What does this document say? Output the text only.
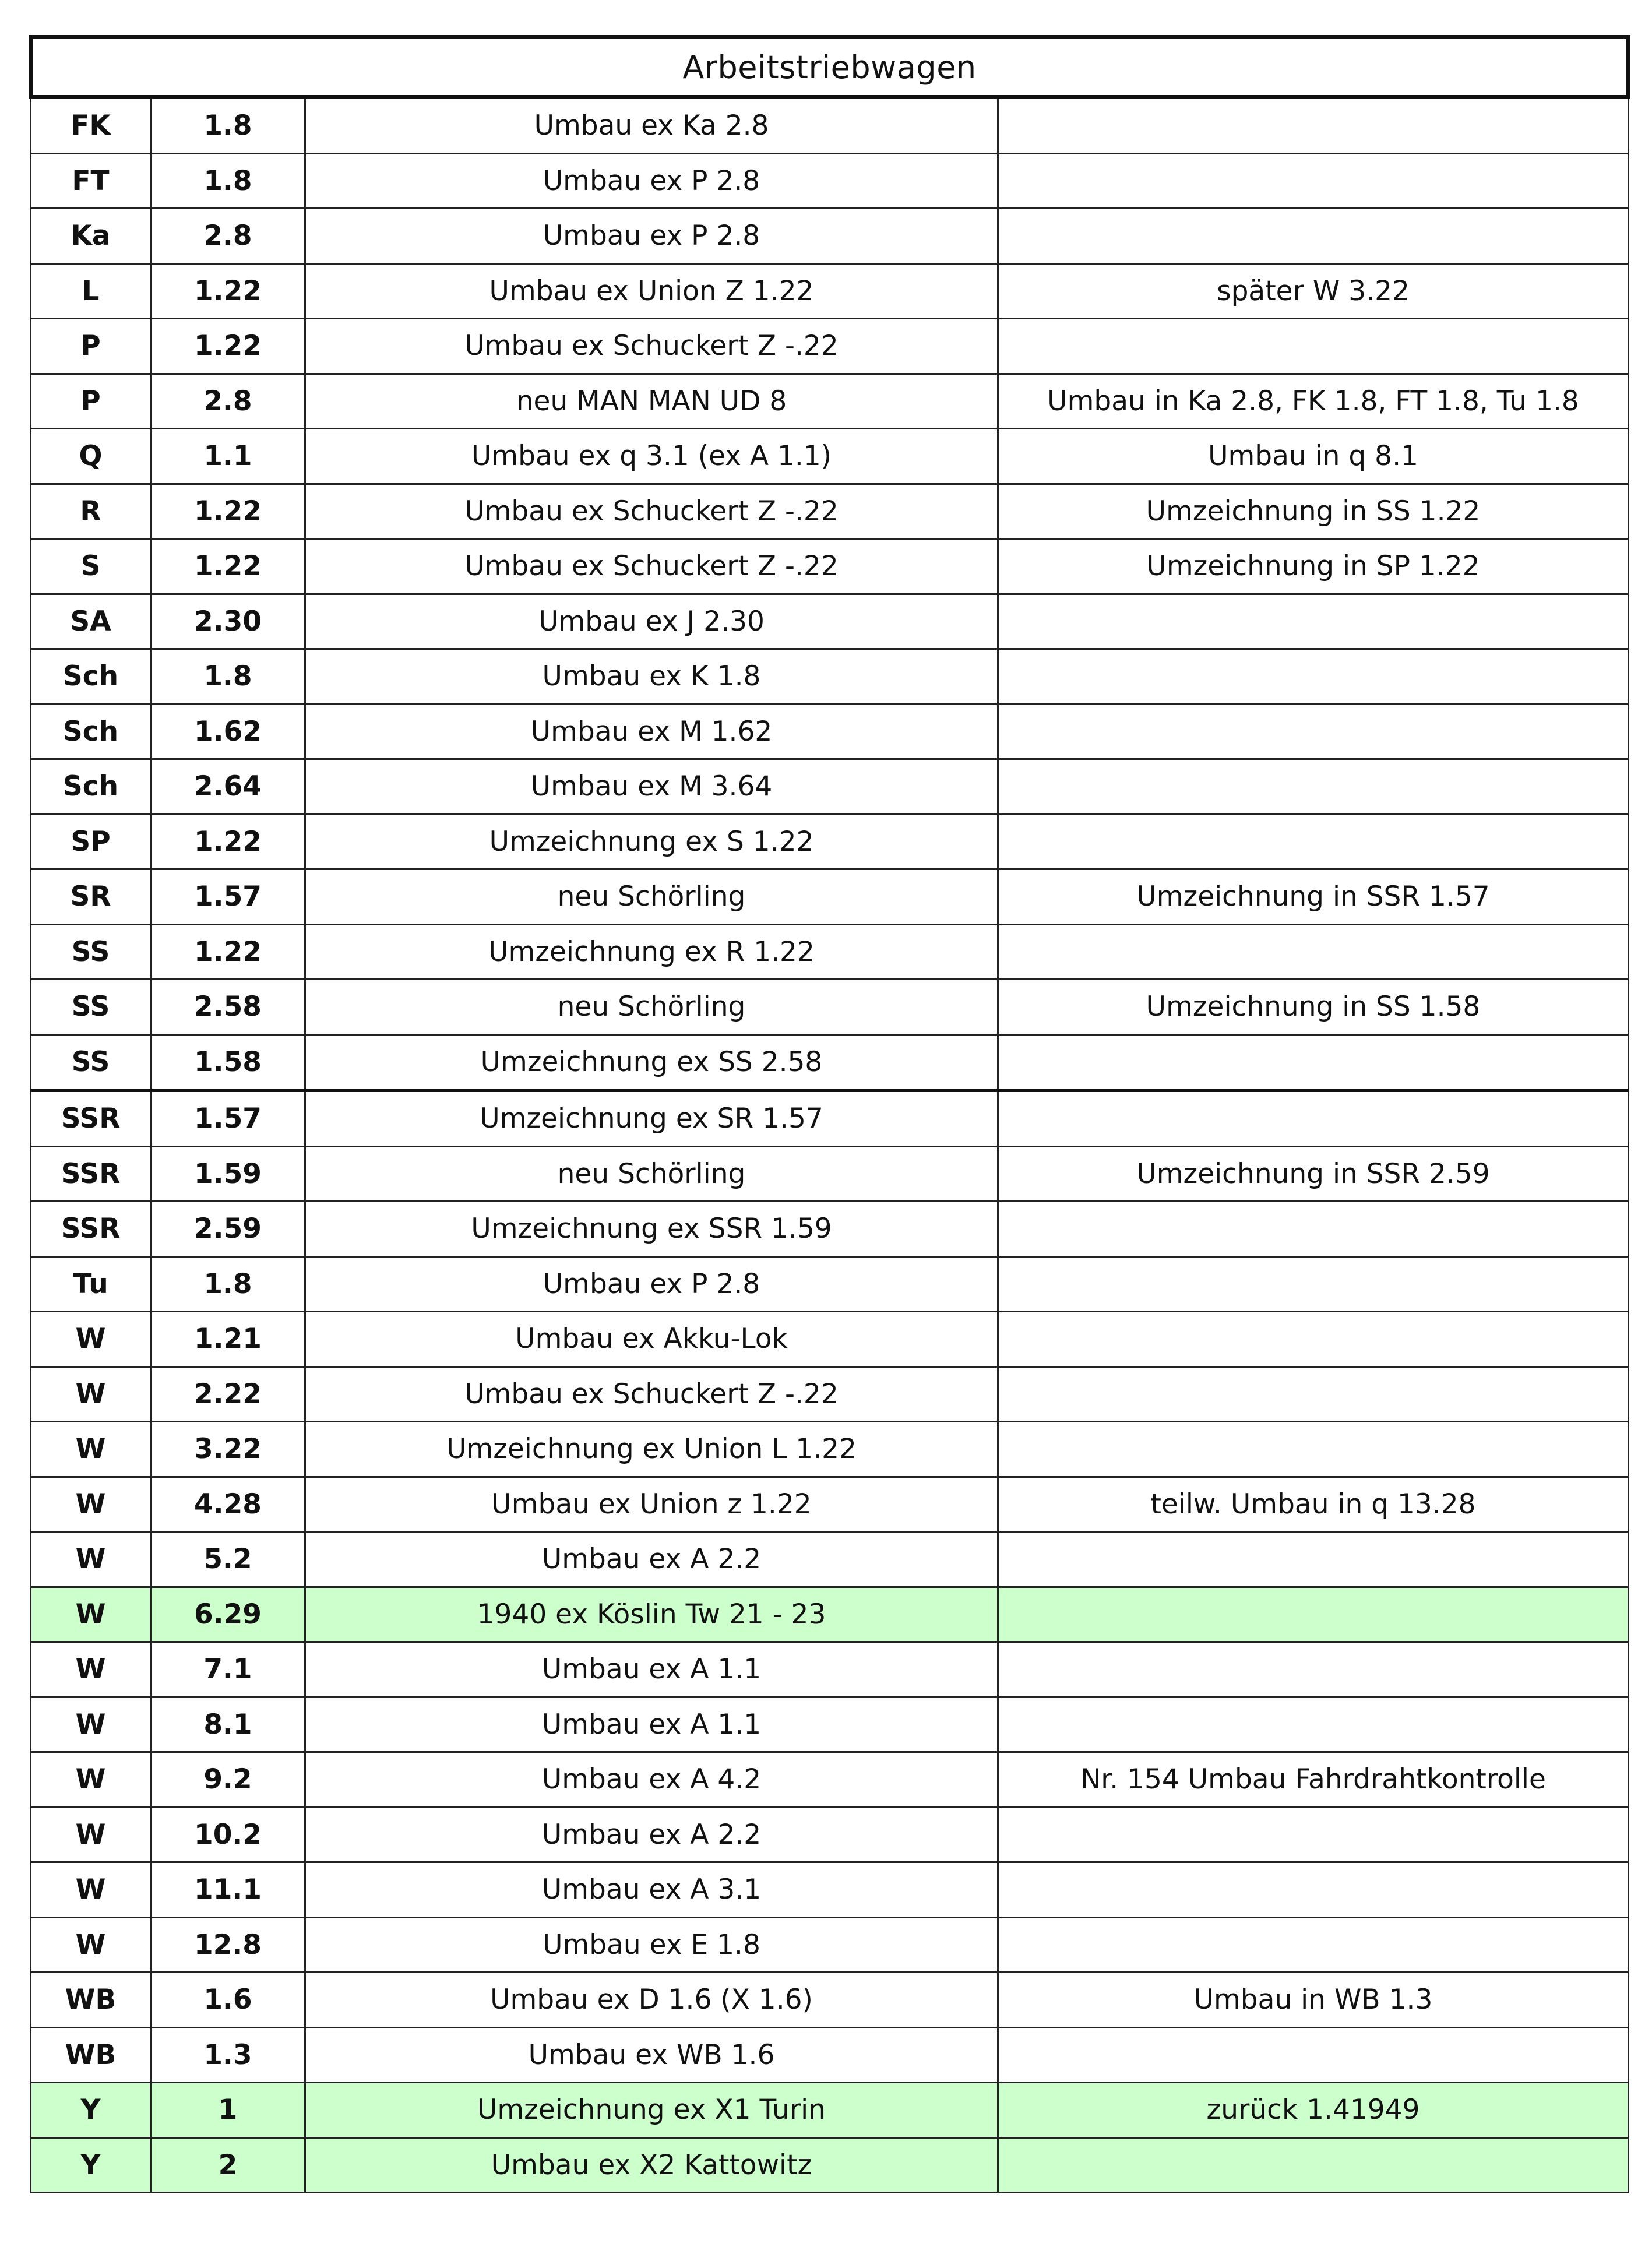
Arbeitstriebwagen			
FK	1.8	Umbau ex Ka 2.8	
FT	1.8	Umbau ex P 2.8	
Ka	2.8	Umbau ex P 2.8	
L	1.22	Umbau ex Union Z 1.22	später W 3.22
P	1.22	Umbau ex Schuckert Z -.22	
P	2.8	neu MAN MAN UD 8	Umbau in Ka 2.8, FK 1.8, FT 1.8, Tu 1.8
Q	1.1	Umbau ex q 3.1 (ex A 1.1)	Umbau in q 8.1
R	1.22	Umbau ex Schuckert Z -.22	Umzeichnung in SS 1.22
S	1.22	Umbau ex Schuckert Z -.22	Umzeichnung in SP 1.22
SA	2.30	Umbau ex J 2.30	
Sch	1.8	Umbau ex K 1.8	
Sch	1.62	Umbau ex M 1.62	
Sch	2.64	Umbau ex M 3.64	
SP	1.22	Umzeichnung ex S 1.22	
SR	1.57	neu Schörling	Umzeichnung in SSR 1.57
SS	1.22	Umzeichnung ex R 1.22	
SS	2.58	neu Schörling	Umzeichnung in SS 1.58
SS	1.58	Umzeichnung ex SS 2.58	
SSR	1.57	Umzeichnung ex SR 1.57	
SSR	1.59	neu Schörling	Umzeichnung in SSR 2.59
SSR	2.59	Umzeichnung ex SSR 1.59	
Tu	1.8	Umbau ex P 2.8	
W	1.21	Umbau ex Akku-Lok	
W	2.22	Umbau ex Schuckert Z -.22	
W	3.22	Umzeichnung ex Union L 1.22	
W	4.28	Umbau ex Union z 1.22	teilw. Umbau in q 13.28
W	5.2	Umbau ex A 2.2	
W	6.29	1940 ex Köslin Tw 21 - 23	
W	7.1	Umbau ex A 1.1	
W	8.1	Umbau ex A 1.1	
W	9.2	Umbau ex A 4.2	Nr. 154 Umbau Fahrdrahtkontrolle
W	10.2	Umbau ex A 2.2	
W	11.1	Umbau ex A 3.1	
W	12.8	Umbau ex E 1.8	
WB	1.6	Umbau ex D 1.6 (X 1.6)	Umbau in WB 1.3
WB	1.3	Umbau ex WB 1.6	
Y	1	Umzeichnung ex X1 Turin	zurück 1.41949
Y	2	Umbau ex X2 Kattowitz	
